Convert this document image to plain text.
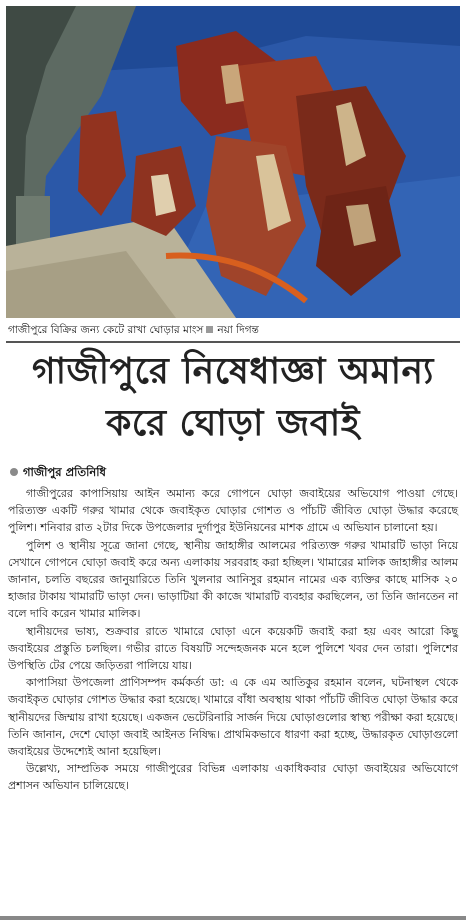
গাজীপুরে বিক্রির জন্য কেটে রাখা ঘোড়ার মাংস নয়া দিগন্ত
গাজীপুরে নিষেধাজ্ঞা অমান্য
করে ঘোড়া জবাই
গাজীপুর প্রতিনিধি

গাজীপুরের কাপাসিয়ায় আইন অমান্য করে গোপনে ঘোড়া জবাইয়ের অভিযোগ পাওয়া গেছে। পরিত্যক্ত একটি গরুর খামার থেকে জবাইকৃত ঘোড়ার গোশত ও পাঁচটি জীবিত ঘোড়া উদ্ধার করেছে পুলিশ। শনিবার রাত ২টার দিকে উপজেলার দুর্গাপুর ইউনিয়নের মাশক গ্রামে এ অভিযান চালানো হয়।

পুলিশ ও স্থানীয় সূত্রে জানা গেছে, স্থানীয় জাহাঙ্গীর আলমের পরিত্যক্ত গরুর খামারটি ভাড়া নিয়ে সেখানে গোপনে ঘোড়া জবাই করে অন্য এলাকায় সরবরাহ করা হচ্ছিল। খামারের মালিক জাহাঙ্গীর আলম জানান, চলতি বছরের জানুয়ারিতে তিনি খুলনার আনিসুর রহমান নামের এক ব্যক্তির কাছে মাসিক ২০ হাজার টাকায় খামারটি ভাড়া দেন। ভাড়াটিয়া কী কাজে খামারটি ব্যবহার করছিলেন, তা তিনি জানতেন না বলে দাবি করেন খামার মালিক।

স্থানীয়দের ভাষ্য, শুক্রবার রাতে খামারে ঘোড়া এনে কয়েকটি জবাই করা হয় এবং আরো কিছু জবাইয়ের প্রস্তুতি চলছিল। গভীর রাতে বিষয়টি সন্দেহজনক মনে হলে পুলিশে খবর দেন তারা। পুলিশের উপস্থিতি টের পেয়ে জড়িতরা পালিয়ে যায়।

কাপাসিয়া উপজেলা প্রাণিসম্পদ কর্মকর্তা ডা: এ কে এম আতিকুর রহমান বলেন, ঘটনাস্থল থেকে জবাইকৃত ঘোড়ার গোশত উদ্ধার করা হয়েছে। খামারে বাঁধা অবস্থায় থাকা পাঁচটি জীবিত ঘোড়া উদ্ধার করে স্থানীয়দের জিম্মায় রাখা হয়েছে। একজন ভেটেরিনারি সার্জন দিয়ে ঘোড়াগুলোর স্বাস্থ্য পরীক্ষা করা হয়েছে। তিনি জানান, দেশে ঘোড়া জবাই আইনত নিষিদ্ধ। প্রাথমিকভাবে ধারণা করা হচ্ছে, উদ্ধারকৃত ঘোড়াগুলো জবাইয়ের উদ্দেশ্যেই আনা হয়েছিল।

উল্লেখ্য, সাম্প্রতিক সময়ে গাজীপুরের বিভিন্ন এলাকায় একাধিকবার ঘোড়া জবাইয়ের অভিযোগে প্রশাসন অভিযান চালিয়েছে।
